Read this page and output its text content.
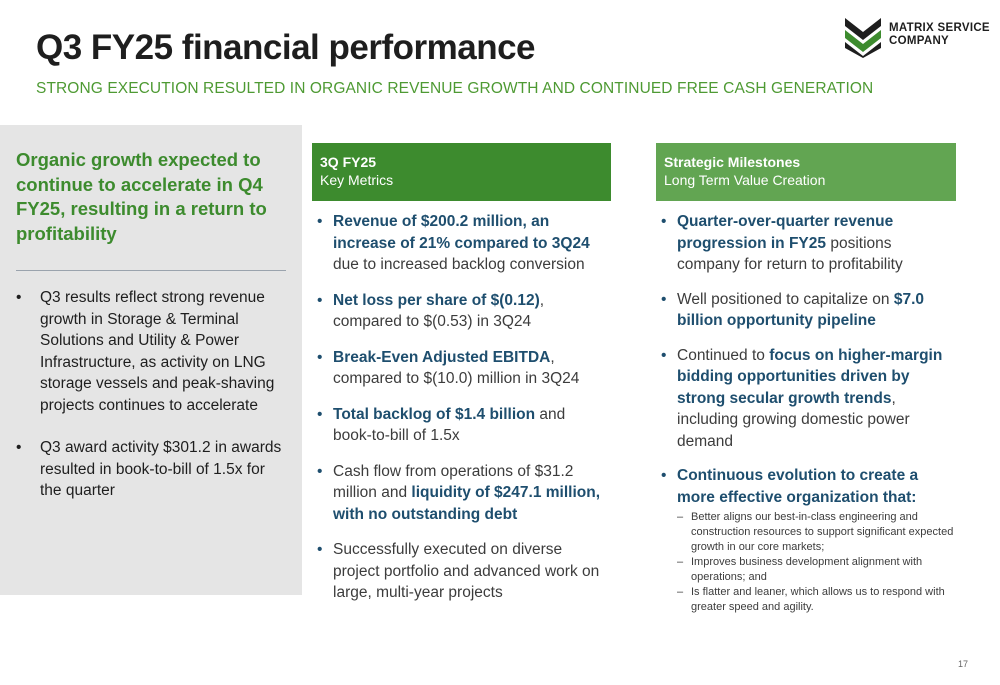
Q3 FY25 financial performance
STRONG EXECUTION RESULTED IN ORGANIC REVENUE GROWTH AND CONTINUED FREE CASH GENERATION
MATRIX SERVICE
COMPANY
Organic growth expected to continue to accelerate in Q4 FY25, resulting in a return to profitability
• Q3 results reflect strong revenue growth in Storage & Terminal Solutions and Utility & Power Infrastructure, as activity on LNG storage vessels and peak-shaving projects continues to accelerate
• Q3 award activity $301.2 in awards resulted in book-to-bill of 1.5x for the quarter
3Q FY25
Key Metrics
• Revenue of $200.2 million, an increase of 21% compared to 3Q24 due to increased backlog conversion
• Net loss per share of $(0.12), compared to $(0.53) in 3Q24
• Break-Even Adjusted EBITDA, compared to $(10.0) million in 3Q24
• Total backlog of $1.4 billion and book-to-bill of 1.5x
• Cash flow from operations of $31.2 million and liquidity of $247.1 million, with no outstanding debt
• Successfully executed on diverse project portfolio and advanced work on large, multi-year projects
Strategic Milestones
Long Term Value Creation
• Quarter-over-quarter revenue progression in FY25 positions company for return to profitability
• Well positioned to capitalize on $7.0 billion opportunity pipeline
• Continued to focus on higher-margin bidding opportunities driven by strong secular growth trends, including growing domestic power demand
• Continuous evolution to create a more effective organization that:
– Better aligns our best-in-class engineering and construction resources to support significant expected growth in our core markets;
– Improves business development alignment with operations; and
– Is flatter and leaner, which allows us to respond with greater speed and agility.
17
